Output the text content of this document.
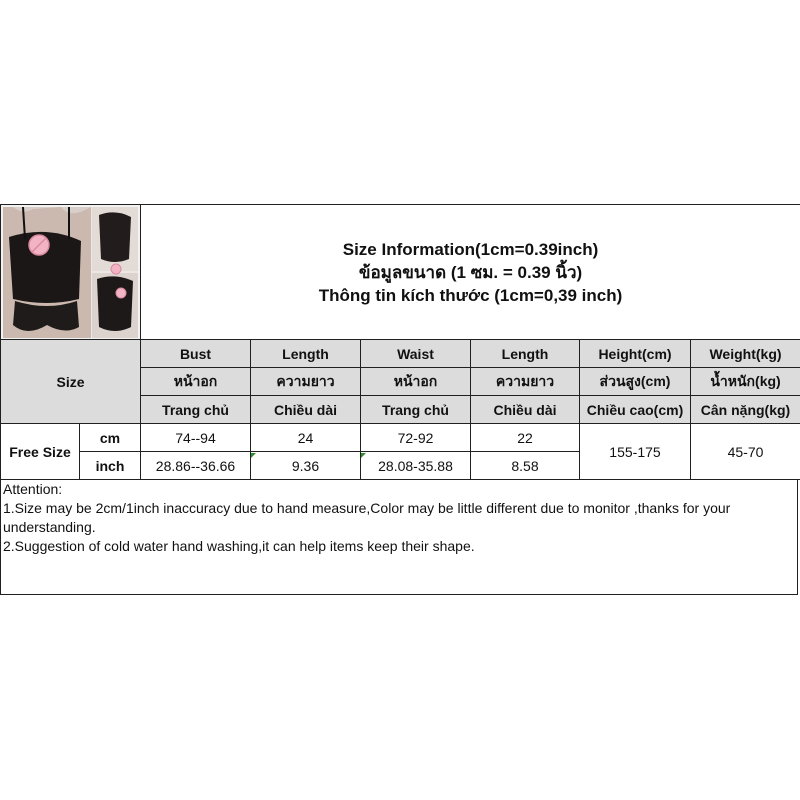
Size Information(1cm=0.39inch)
ข้อมูลขนาด (1 ซม. = 0.39 นิ้ว)
Thông tin kích thước (1cm=0,39 inch)					

Size		Bust	Length	Waist	Length	Height(cm)	Weight(kg)
		หน้าอก	ความยาว	หน้าอก	ความยาว	ส่วนสูง(cm)	น้ำหนัก(kg)
		Trang chủ	Chiều dài	Trang chủ	Chiều dài	Chiều cao(cm)	Cân nặng(kg)
Free Size	cm	74--94	24	72-92	22	155-175	45-70
	inch	28.86--36.66	9.36	28.08-35.88	8.58		

Attention:

1.Size may be 2cm/1inch inaccuracy due to hand measure,Color may be little different due to monitor ,thanks for your understanding.

2.Suggestion of cold water hand washing,it can help items keep their shape.
